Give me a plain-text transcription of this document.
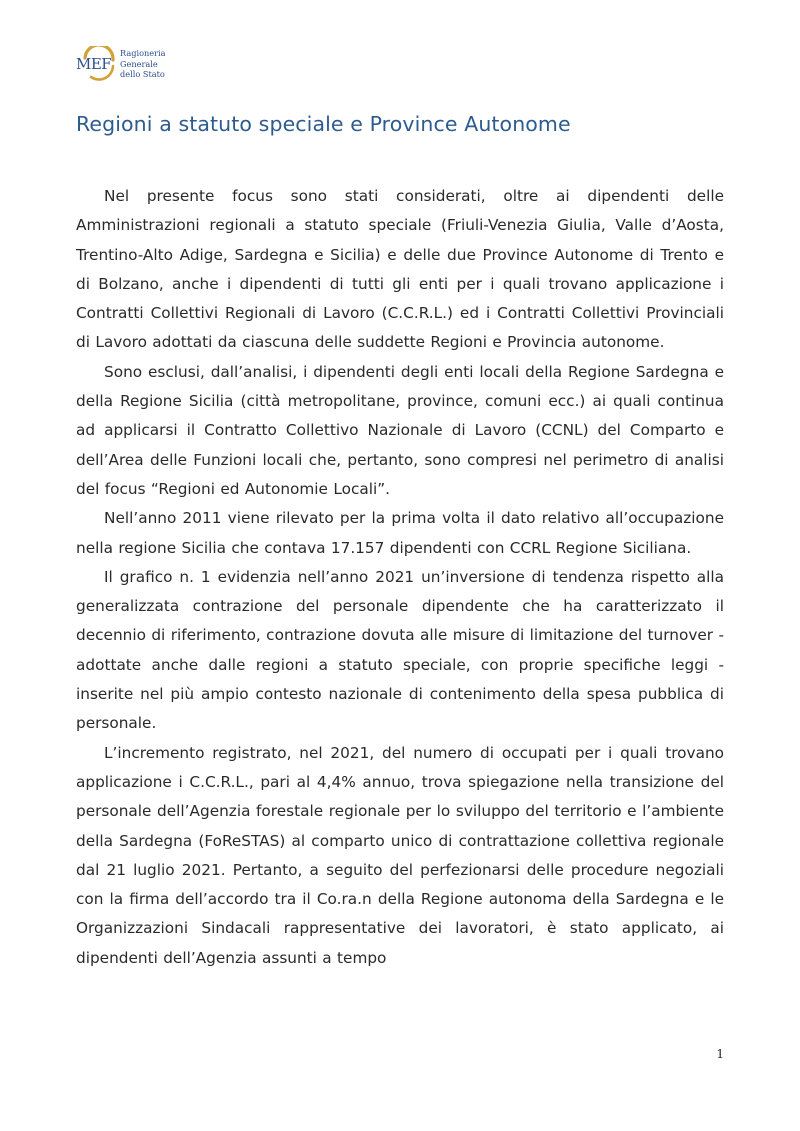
MEF
Ragioneria
Generale
dello Stato
Regioni a statuto speciale e Province Autonome

Nel presente focus sono stati considerati, oltre ai dipendenti delle Amministrazioni regionali a statuto speciale (Friuli-Venezia Giulia, Valle d’Aosta, Trentino-Alto Adige, Sardegna e Sicilia) e delle due Province Autonome di Trento e di Bolzano, anche i dipendenti di tutti gli enti per i quali trovano applicazione i Contratti Collettivi Regionali di Lavoro (C.C.R.L.) ed i Contratti Collettivi Provinciali di Lavoro adottati da ciascuna delle suddette Regioni e Provincia autonome.

Sono esclusi, dall’analisi, i dipendenti degli enti locali della Regione Sardegna e della Regione Sicilia (città metropolitane, province, comuni ecc.) ai quali continua ad applicarsi il Contratto Collettivo Nazionale di Lavoro (CCNL) del Comparto e dell’Area delle Funzioni locali che, pertanto, sono compresi nel perimetro di analisi del focus “Regioni ed Autonomie Locali”.

Nell’anno 2011 viene rilevato per la prima volta il dato relativo all’occupazione nella regione Sicilia che contava 17.157 dipendenti con CCRL Regione Siciliana.

Il grafico n. 1 evidenzia nell’anno 2021 un’inversione di tendenza rispetto alla generalizzata contrazione del personale dipendente che ha caratterizzato il decennio di riferimento, contrazione dovuta alle misure di limitazione del turnover - adottate anche dalle regioni a statuto speciale, con proprie specifiche leggi - inserite nel più ampio contesto nazionale di contenimento della spesa pubblica di personale.

L’incremento registrato, nel 2021, del numero di occupati per i quali trovano applicazione i C.C.R.L., pari al 4,4% annuo, trova spiegazione nella transizione del personale dell’Agenzia forestale regionale per lo sviluppo del territorio e l’ambiente della Sardegna (FoReSTAS) al comparto unico di contrattazione collettiva regionale dal 21 luglio 2021. Pertanto, a seguito del perfezionarsi delle procedure negoziali con la firma dell’accordo tra il Co.ra.n della Regione autonoma della Sardegna e le Organizzazioni Sindacali rappresentative dei lavoratori, è stato applicato, ai dipendenti dell’Agenzia assunti a tempo

1
